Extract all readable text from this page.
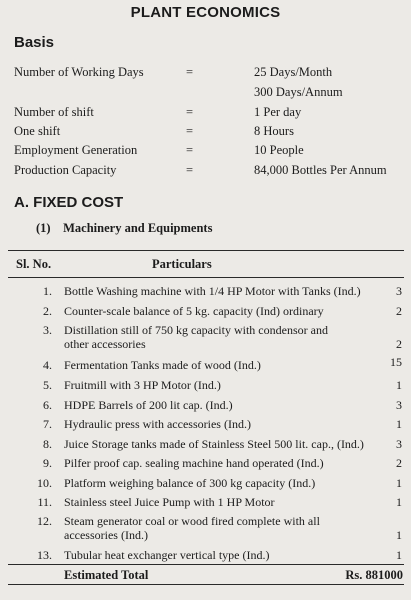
PLANT ECONOMICS
Basis
Number of Working Days	=	25 Days/Month
300 Days/Annum
Number of shift	=	1 Per day
One shift	=	8 Hours
Employment Generation	=	10 People
Production Capacity	=	84,000 Bottles Per Annum
A. FIXED COST
(1) Machinery and Equipments
Sl. No.	Particulars
1. Bottle Washing machine with 1/4 HP Motor with Tanks (Ind.)	3
2. Counter-scale balance of 5 kg. capacity (Ind) ordinary	2
3. Distillation still of 750 kg capacity with condensor and
other accessories	2
4. Fermentation Tanks made of wood (Ind.)	15
5. Fruitmill with 3 HP Motor (Ind.)	1
6. HDPE Barrels of 200 lit cap. (Ind.)	3
7. Hydraulic press with accessories (Ind.)	1
8. Juice Storage tanks made of Stainless Steel 500 lit. cap., (Ind.)	3
9. Pilfer proof cap. sealing machine hand operated (Ind.)	2
10. Platform weighing balance of 300 kg capacity (Ind.)	1
11. Stainless steel Juice Pump with 1 HP Motor	1
12. Steam generator coal or wood fired complete with all
accessories (Ind.)	1
13. Tubular heat exchanger vertical type (Ind.)	1
Estimated Total	Rs. 881000
